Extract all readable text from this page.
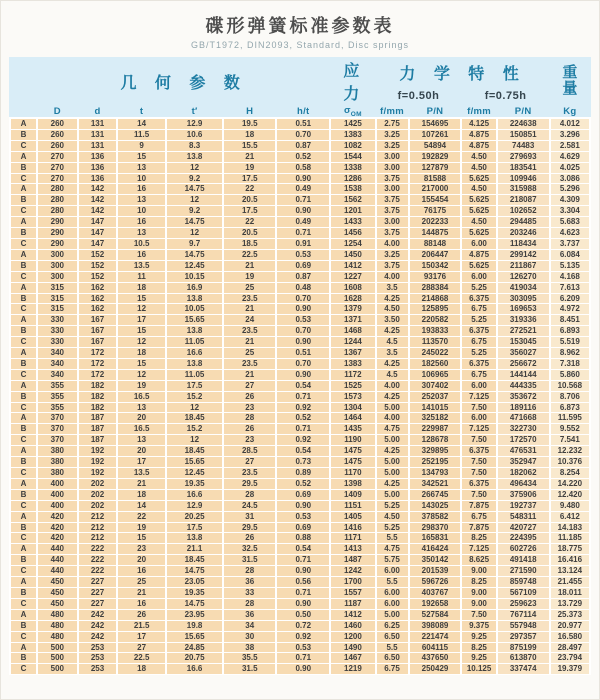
碟形弹簧标准参数表
GB/T1972, DIN2093, Standard, Disc springs
	几 何 参 数						应 力	力 学 特 性				重
量

								f=0.50h		f=0.75h		
	D	d	t	t′	H	h/t	$\sigma_{OM}$	f/mm	P/N	f/mm	P/N	Kg
A	260	131	14	12.9	19.5	0.51	1425	2.75	154695	4.125	224638	4.012
B	260	131	11.5	10.6	18	0.70	1383	3.25	107261	4.875	150851	3.296
C	260	131	9	8.3	15.5	0.87	1082	3.25	54894	4.875	74483	2.581
A	270	136	15	13.8	21	0.52	1544	3.00	192829	4.50	279693	4.629
B	270	136	13	12	19	0.58	1338	3.00	127879	4.50	183541	4.025
C	270	136	10	9.2	17.5	0.90	1286	3.75	81588	5.625	109946	3.086
A	280	142	16	14.75	22	0.49	1538	3.00	217000	4.50	315988	5.296
B	280	142	13	12	20.5	0.71	1562	3.75	155454	5.625	218087	4.309
C	280	142	10	9.2	17.5	0.90	1201	3.75	76175	5.625	102652	3.304
A	290	147	16	14.75	22	0.49	1433	3.00	202233	4.50	294485	5.683
B	290	147	13	12	20.5	0.71	1456	3.75	144875	5.625	203246	4.623
C	290	147	10.5	9.7	18.5	0.91	1254	4.00	88148	6.00	118434	3.737
A	300	152	16	14.75	22.5	0.53	1450	3.25	206447	4.875	299142	6.084
B	300	152	13.5	12.45	21	0.69	1412	3.75	150342	5.625	211867	5.135
C	300	152	11	10.15	19	0.87	1227	4.00	93176	6.00	126270	4.168
A	315	162	18	16.9	25	0.48	1608	3.5	288384	5.25	419034	7.613
B	315	162	15	13.8	23.5	0.70	1628	4.25	214868	6.375	303095	6.209
C	315	162	12	10.05	21	0.90	1379	4.50	125895	6.75	169653	4.972
A	330	167	17	15.65	24	0.53	1371	3.50	220582	5.25	319336	8.451
B	330	167	15	13.8	23.5	0.70	1468	4.25	193833	6.375	272521	6.893
C	330	167	12	11.05	21	0.90	1244	4.5	113570	6.75	153045	5.519
A	340	172	18	16.6	25	0.51	1367	3.5	245022	5.25	356027	8.962
B	340	172	15	13.8	23.5	0.70	1383	4.25	182560	6.375	256672	7.318
C	340	172	12	11.05	21	0.90	1172	4.5	106965	6.75	144144	5.860
A	355	182	19	17.5	27	0.54	1525	4.00	307402	6.00	444335	10.568
B	355	182	16.5	15.2	26	0.71	1573	4.25	252037	7.125	353672	8.706
C	355	182	13	12	23	0.92	1304	5.00	141015	7.50	189116	6.873
A	370	187	20	18.45	28	0.52	1464	4.00	325182	6.00	471668	11.595
B	370	187	16.5	15.2	26	0.71	1435	4.75	229987	7.125	322730	9.552
C	370	187	13	12	23	0.92	1190	5.00	128678	7.50	172570	7.541
A	380	192	20	18.45	28.5	0.54	1475	4.25	329895	6.375	476531	12.232
B	380	192	17	15.65	27	0.73	1475	5.00	252195	7.50	352947	10.376
C	380	192	13.5	12.45	23.5	0.89	1170	5.00	134793	7.50	182062	8.254
A	400	202	21	19.35	29.5	0.52	1398	4.25	342521	6.375	496434	14.220
B	400	202	18	16.6	28	0.69	1409	5.00	266745	7.50	375906	12.420
C	400	202	14	12.9	24.5	0.90	1151	5.25	143025	7.875	192737	9.480
A	420	212	22	20.25	31	0.53	1405	4.50	378582	6.75	548311	6.412
B	420	212	19	17.5	29.5	0.69	1416	5.25	298370	7.875	420727	14.183
C	420	212	15	13.8	26	0.88	1171	5.5	165831	8.25	224395	11.185
A	440	222	23	21.1	32.5	0.54	1413	4.75	416424	7.125	602726	18.775
B	440	222	20	18.45	31.5	0.71	1487	5.75	350142	8.625	491418	16.416
C	440	222	16	14.75	28	0.90	1242	6.00	201539	9.00	271590	13.124
A	450	227	25	23.05	36	0.56	1700	5.5	596726	8.25	859748	21.455
B	450	227	21	19.35	33	0.71	1557	6.00	403767	9.00	567109	18.011
C	450	227	16	14.75	28	0.90	1187	6.00	192658	9.00	259623	13.729
A	480	242	26	23.95	36	0.50	1412	5.00	527584	7.50	767114	25.373
B	480	242	21.5	19.8	34	0.72	1460	6.25	398089	9.375	557948	20.977
C	480	242	17	15.65	30	0.92	1200	6.50	221474	9.25	297357	16.580
A	500	253	27	24.85	38	0.53	1490	5.5	604115	8.25	875199	28.497
B	500	253	22.5	20.75	35.5	0.71	1467	6.50	437650	9.25	613870	23.794
C	500	253	18	16.6	31.5	0.90	1219	6.75	250429	10.125	337474	19.379
